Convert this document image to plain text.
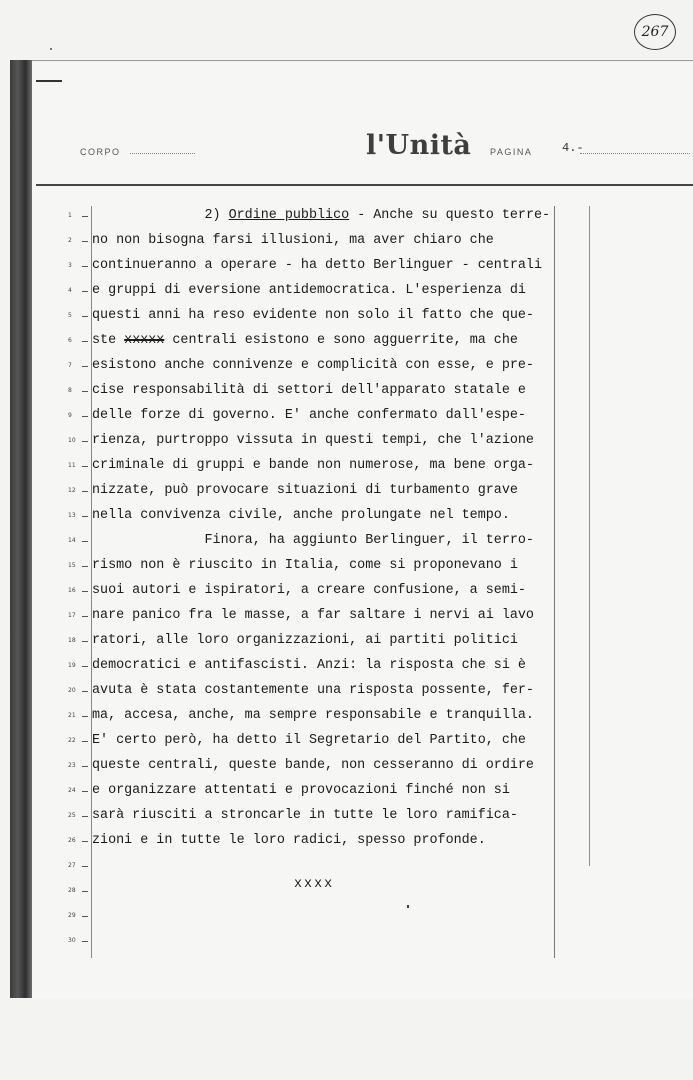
267
CORPO	l'Unità PAGINA 4.-
1
2
3
4
5
6
7
8
9
10
11
12
13
14
15
16
17
18
19
20
21
22
23
24
25
26
27
28
29
30
2) Ordine pubblico - Anche su questo terre-
no non bisogna farsi illusioni, ma aver chiaro che
continueranno a operare - ha detto Berlinguer - centrali
e gruppi di eversione antidemocratica. L'esperienza di
questi anni ha reso evidente non solo il fatto che que-
ste xxxxx centrali esistono e sono agguerrite, ma che
esistono anche connivenze e complicità con esse, e pre-
cise responsabilità di settori dell'apparato statale e
delle forze di governo. E' anche confermato dall'espe-
rienza, purtroppo vissuta in questi tempi, che l'azione
criminale di gruppi e bande non numerose, ma bene orga-
nizzate, può provocare situazioni di turbamento grave
nella convivenza civile, anche prolungate nel tempo.
Finora, ha aggiunto Berlinguer, il terro-
rismo non è riuscito in Italia, come si proponevano i
suoi autori e ispiratori, a creare confusione, a semi-
nare panico fra le masse, a far saltare i nervi ai lavo
ratori, alle loro organizzazioni, ai partiti politici
democratici e antifascisti. Anzi: la risposta che si è
avuta è stata costantemente una risposta possente, fer-
ma, accesa, anche, ma sempre responsabile e tranquilla.
E' certo però, ha detto il Segretario del Partito, che
queste centrali, queste bande, non cesseranno di ordire
e organizzare attentati e provocazioni finché non si
sarà riusciti a stroncarle in tutte le loro ramifica-
zioni e in tutte le loro radici, spesso profonde.
xxxx
